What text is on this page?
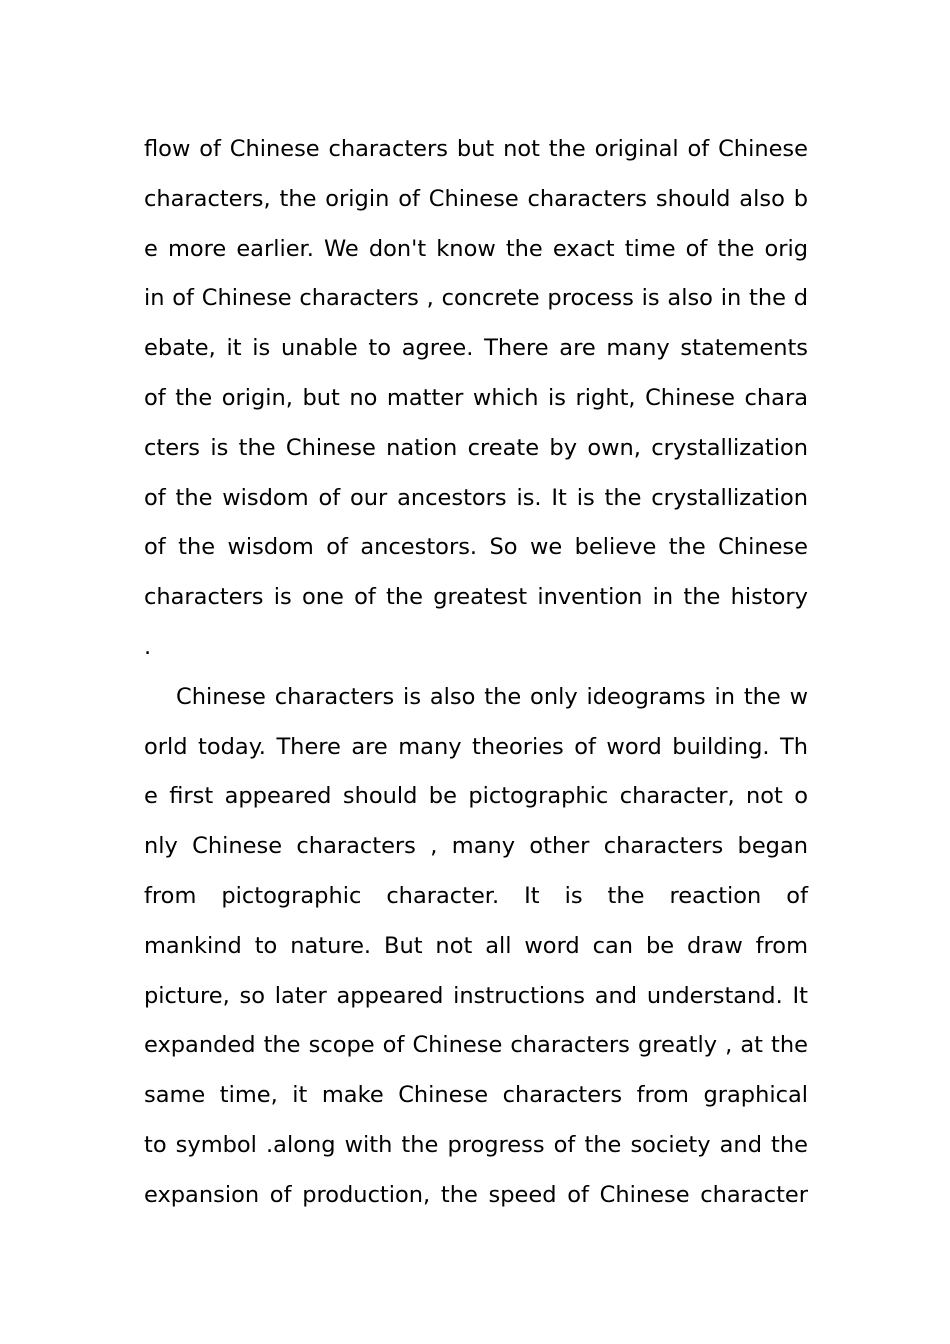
flow of Chinese characters but not the original of Chinese
characters, the origin of Chinese characters should also b
e more earlier. We don't know the exact time of the orig
in of Chinese characters , concrete process is also in the d
ebate, it is unable to agree. There are many statements
of the origin, but no matter which is right, Chinese chara
cters is the Chinese nation create by own, crystallization
of the wisdom of our ancestors is. It is the crystallization
of the wisdom of ancestors. So we believe the Chinese
characters is one of the greatest invention in the history
.
Chinese characters is also the only ideograms in the w
orld today. There are many theories of word building. Th
e first appeared should be pictographic character, not o
nly Chinese characters , many other characters began
from pictographic character. It is the reaction of
mankind to nature. But not all word can be draw from
picture, so later appeared instructions and understand. It
expanded the scope of Chinese characters greatly , at the
same time, it make Chinese characters from graphical
to symbol .along with the progress of the society and the
expansion of production, the speed of Chinese character
